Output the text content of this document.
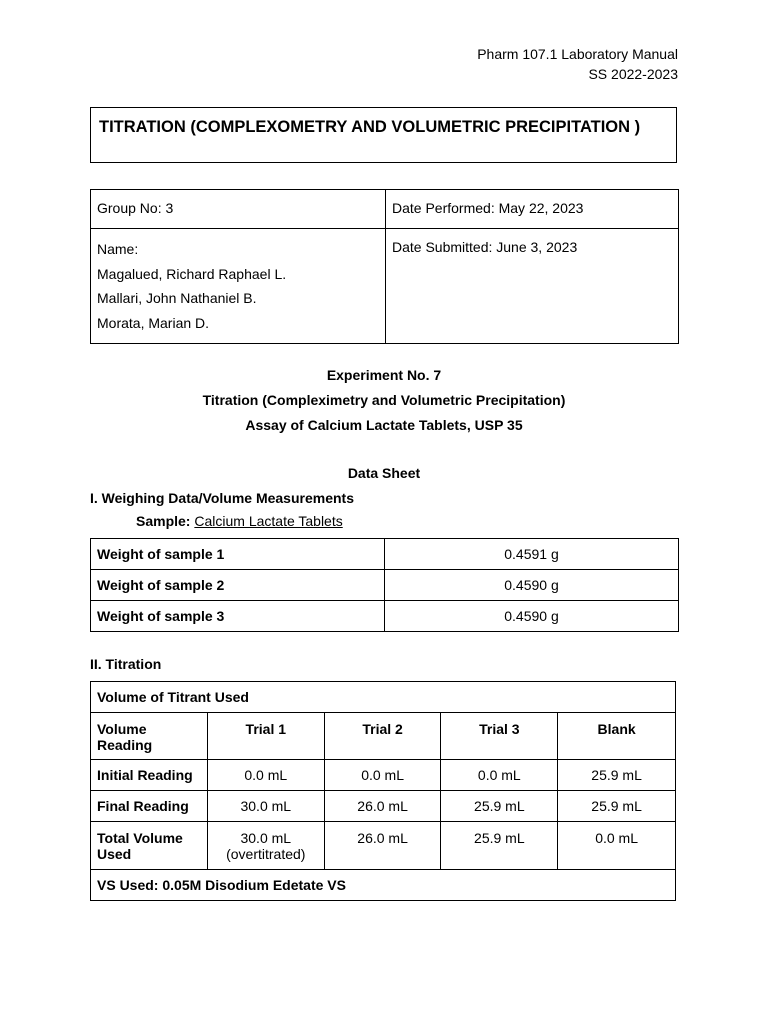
Pharm 107.1 Laboratory Manual
SS 2022-2023
TITRATION (COMPLEXOMETRY AND VOLUMETRIC PRECIPITATION )
Group No: 3	Date Performed: May 22, 2023

Name:
Magalued, Richard Raphael L.
Mallari, John Nathaniel B.
Morata, Marian D.	Date Submitted: June 3, 2023
Experiment No. 7
Titration (Compleximetry and Volumetric Precipitation)
Assay of Calcium Lactate Tablets, USP 35
Data Sheet
I. Weighing Data/Volume Measurements
Sample: Calcium Lactate Tablets
Weight of sample 1	0.4591 g
Weight of sample 2	0.4590 g
Weight of sample 3	0.4590 g
II. Titration
Volume of Titrant Used				
Volume Reading	Trial 1	Trial 2	Trial 3	Blank
Initial Reading	0.0 mL	0.0 mL	0.0 mL	25.9 mL
Final Reading	30.0 mL	26.0 mL	25.9 mL	25.9 mL
Total Volume Used	30.0 mL (overtitrated)	26.0 mL	25.9 mL	0.0 mL
VS Used: 0.05M Disodium Edetate VS				
